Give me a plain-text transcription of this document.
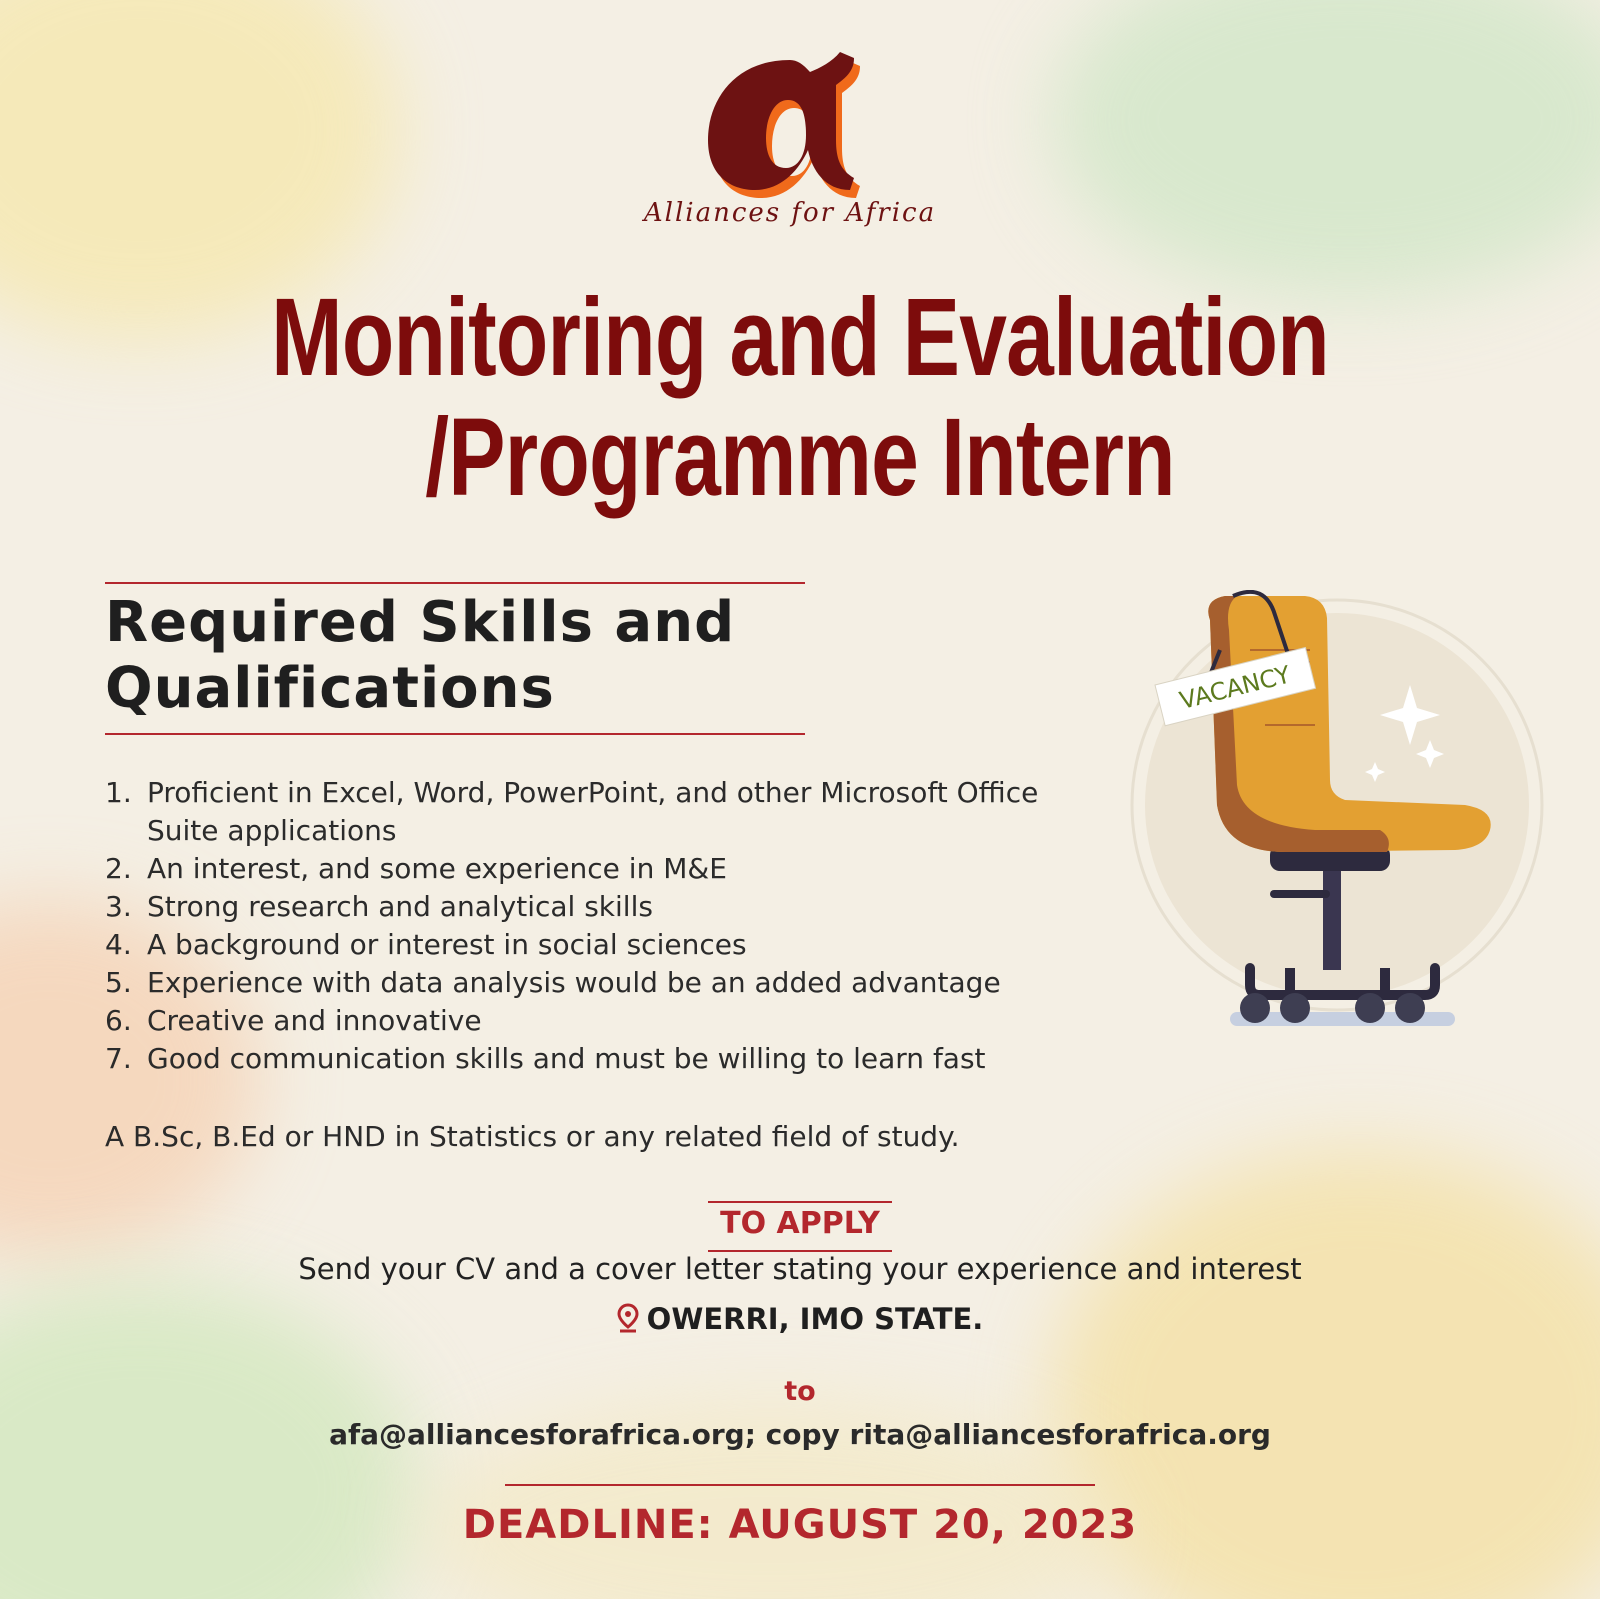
Alliances for Africa
Monitoring and Evaluation
/Programme Intern
Required Skills and
Qualifications
1. Proficient in Excel, Word, PowerPoint, and other Microsoft Office Suite applications
2. An interest, and some experience in M&E
3. Strong research and analytical skills
4. A background or interest in social sciences
5. Experience with data analysis would be an added advantage
6. Creative and innovative
7. Good communication skills and must be willing to learn fast
A B.Sc, B.Ed or HND in Statistics or any related field of study.
VACANCY
TO APPLY
Send your CV and a cover letter stating your experience and interest
OWERRI, IMO STATE.
to
afa@alliancesforafrica.org; copy rita@alliancesforafrica.org
DEADLINE: AUGUST 20, 2023
